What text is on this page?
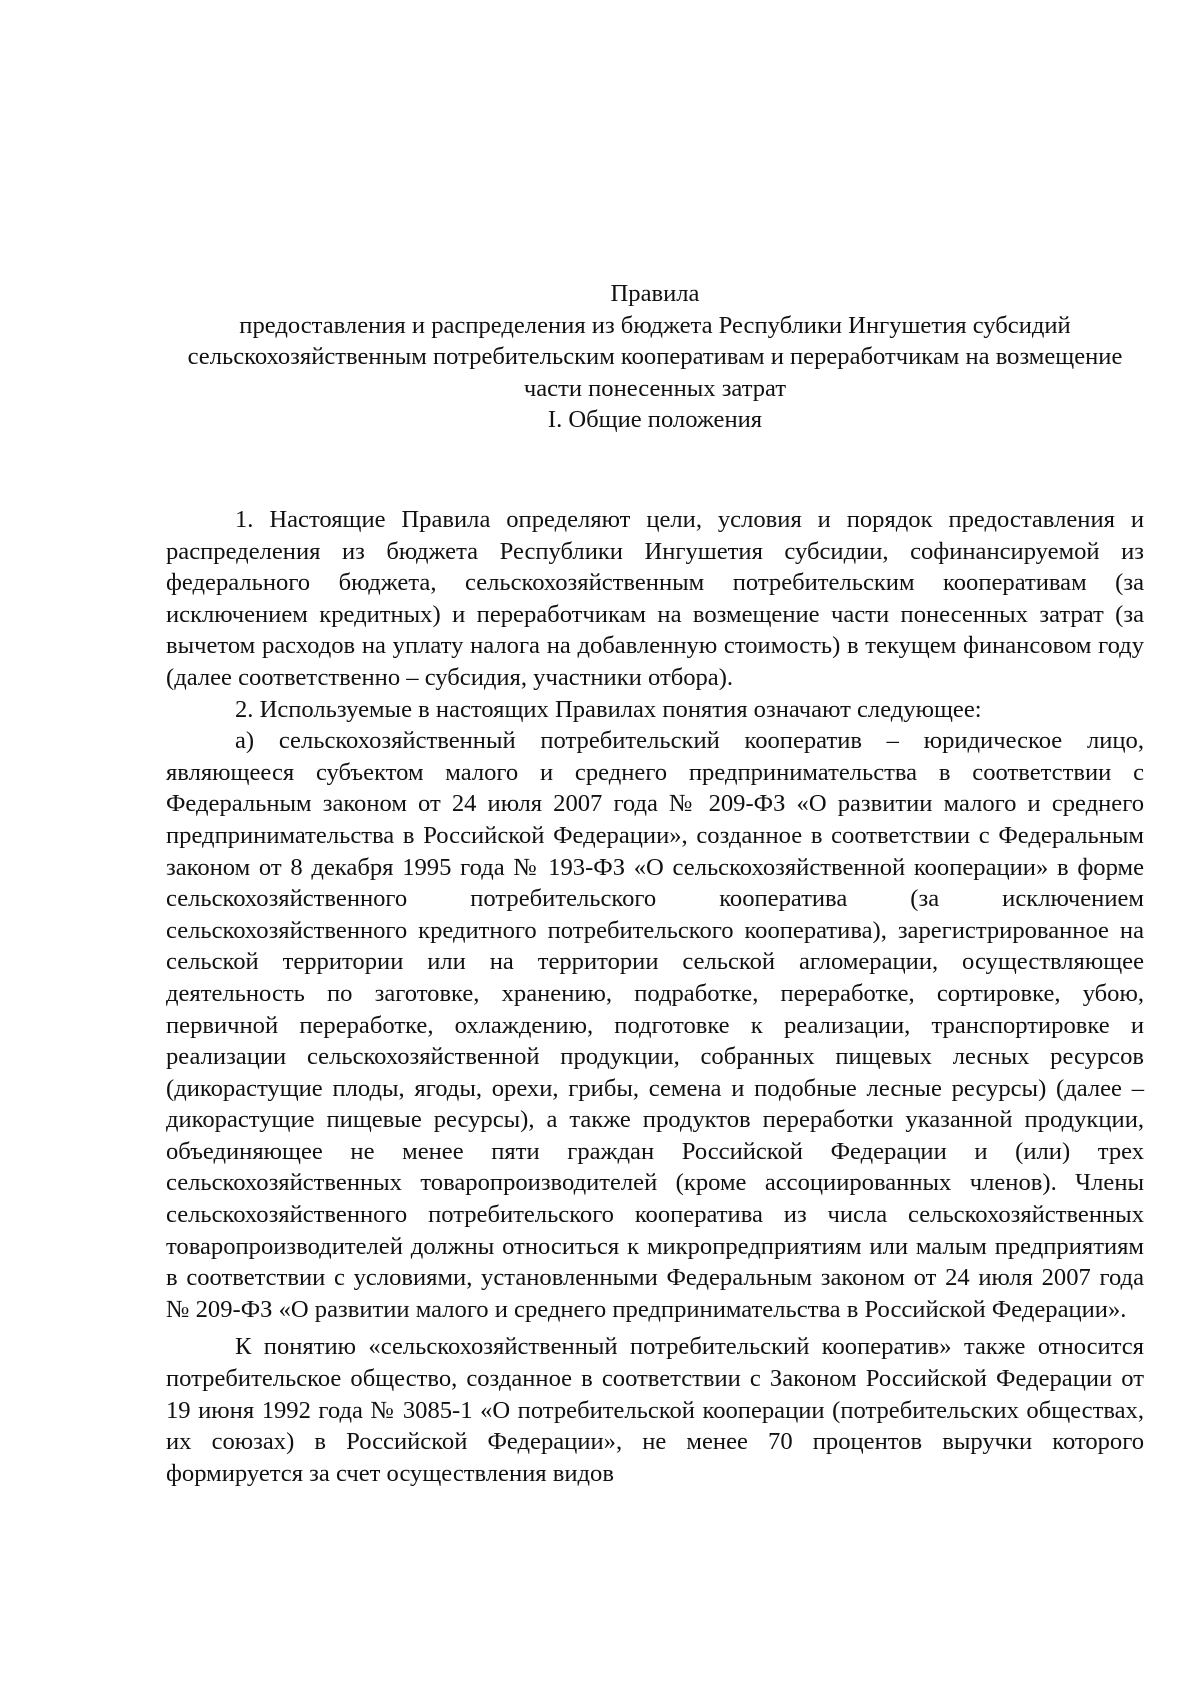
Правила

предоставления и распределения из бюджета Республики Ингушетия субсидий сельскохозяйственным потребительским кооперативам и переработчикам на возмещение части понесенных затрат

I. Общие положения

1. Настоящие Правила определяют цели, условия и порядок предоставления и распределения из бюджета Республики Ингушетия субсидии, софинансируемой из федерального бюджета, сельскохозяйственным потребительским кооперативам (за исключением кредитных) и переработчикам на возмещение части понесенных затрат (за вычетом расходов на уплату налога на добавленную стоимость) в текущем финансовом году (далее соответственно – субсидия, участники отбора).

2. Используемые в настоящих Правилах понятия означают следующее:

а) сельскохозяйственный потребительский кооператив – юридическое лицо, являющееся субъектом малого и среднего предпринимательства в соответствии с Федеральным законом от 24 июля 2007 года № 209-ФЗ «О развитии малого и среднего предпринимательства в Российской Федерации», созданное в соответствии с Федеральным законом от 8 декабря 1995 года № 193-ФЗ «О сельскохозяйственной кооперации» в форме сельскохозяйственного потребительского кооператива (за исключением сельскохозяйственного кредитного потребительского кооператива), зарегистрированное на сельской территории или на территории сельской агломерации, осуществляющее деятельность по заготовке, хранению, подработке, переработке, сортировке, убою, первичной переработке, охлаждению, подготовке к реализации, транспортировке и реализации сельскохозяйственной продукции, собранных пищевых лесных ресурсов (дикорастущие плоды, ягоды, орехи, грибы, семена и подобные лесные ресурсы) (далее – дикорастущие пищевые ресурсы), а также продуктов переработки указанной продукции, объединяющее не менее пяти граждан Российской Федерации и (или) трех сельскохозяйственных товаропроизводителей (кроме ассоциированных членов). Члены сельскохозяйственного потребительского кооператива из числа сельскохозяйственных товаропроизводителей должны относиться к микропредприятиям или малым предприятиям в соответствии с условиями, установленными Федеральным законом от 24 июля 2007 года № 209-ФЗ «О развитии малого и среднего предпринимательства в Российской Федерации».

К понятию «сельскохозяйственный потребительский кооператив» также относится потребительское общество, созданное в соответствии с Законом Российской Федерации от 19 июня 1992 года № 3085-1 «О потребительской кооперации (потребительских обществах, их союзах) в Российской Федерации», не менее 70 процентов выручки которого формируется за счет осуществления видов
